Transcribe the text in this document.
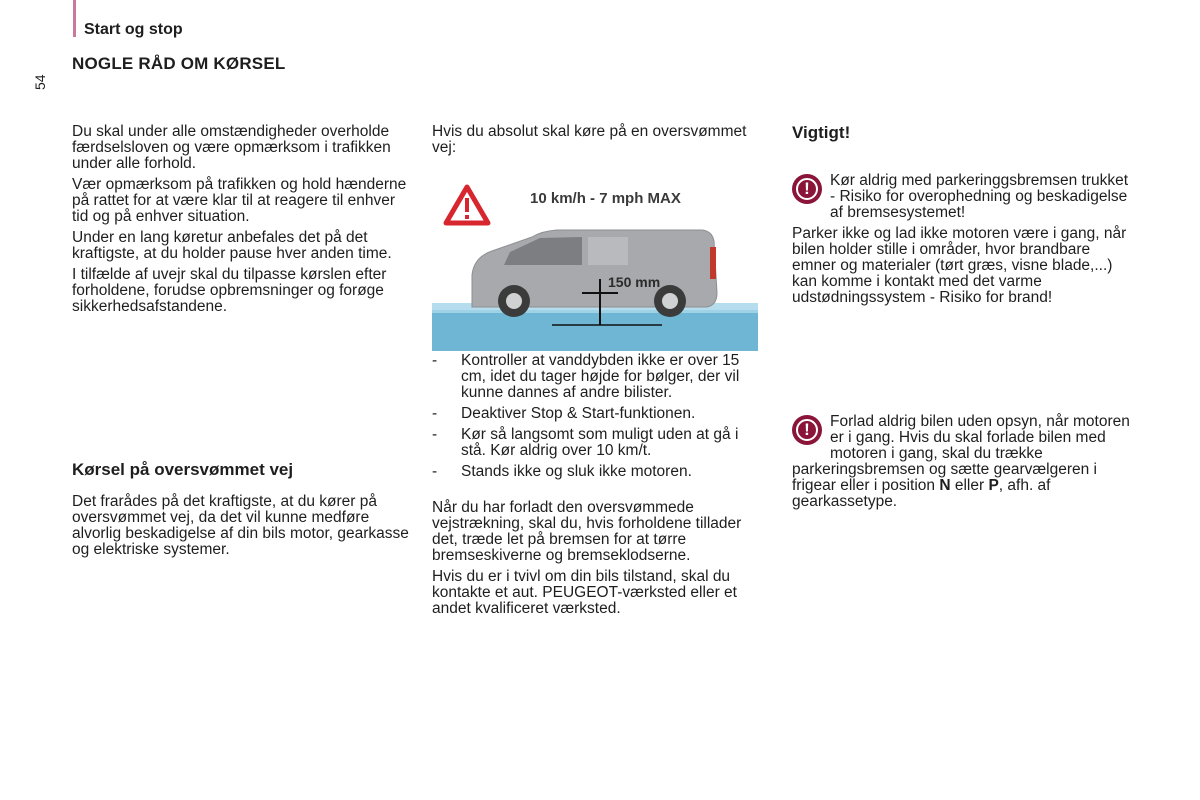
Start og stop
NOGLE RÅD OM KØRSEL
54

Du skal under alle omstændigheder overholde færdselsloven og være opmærksom i trafikken under alle forhold.

Vær opmærksom på trafikken og hold hænderne på rattet for at være klar til at reagere til enhver tid og på enhver situation.

Under en lang køretur anbefales det på det kraftigste, at du holder pause hver anden time.

I tilfælde af uvejr skal du tilpasse kørslen efter forholdene, forudse opbremsninger og forøge sikkerhedsafstandene.

Kørsel på oversvømmet vej

Det frarådes på det kraftigste, at du kører på oversvømmet vej, da det vil kunne medføre alvorlig beskadigelse af din bils motor, gearkasse og elektriske systemer.

Hvis du absolut skal køre på en oversvømmet vej:

10 km/h - 7 mph MAX
150 mm
- Kontroller at vanddybden ikke er over 15 cm, idet du tager højde for bølger, der vil kunne dannes af andre bilister.
- Deaktiver Stop & Start-funktionen.
- Kør så langsomt som muligt uden at gå i stå. Kør aldrig over 10 km/t.
- Stands ikke og sluk ikke motoren.

Når du har forladt den oversvømmede vejstrækning, skal du, hvis forholdene tillader det, træde let på bremsen for at tørre bremseskiverne og bremseklodserne.

Hvis du er i tvivl om din bils tilstand, skal du kontakte et aut. PEUGEOT-værksted eller et andet kvalificeret værksted.

Vigtigt!

!	Kør aldrig med parkeringgsbremsen trukket - Risiko for overophedning og beskadigelse af bremsesystemet!

Parker ikke og lad ikke motoren være i gang, når bilen holder stille i områder, hvor brandbare emner og materialer (tørt græs, visne blade,...) kan komme i kontakt med det varme udstødningssystem - Risiko for brand!

!	Forlad aldrig bilen uden opsyn, når motoren er i gang. Hvis du skal forlade bilen med motoren i gang, skal du trække parkeringsbremsen og sætte gearvælgeren i frigear eller i position N eller P, afh. af gearkassetype.
